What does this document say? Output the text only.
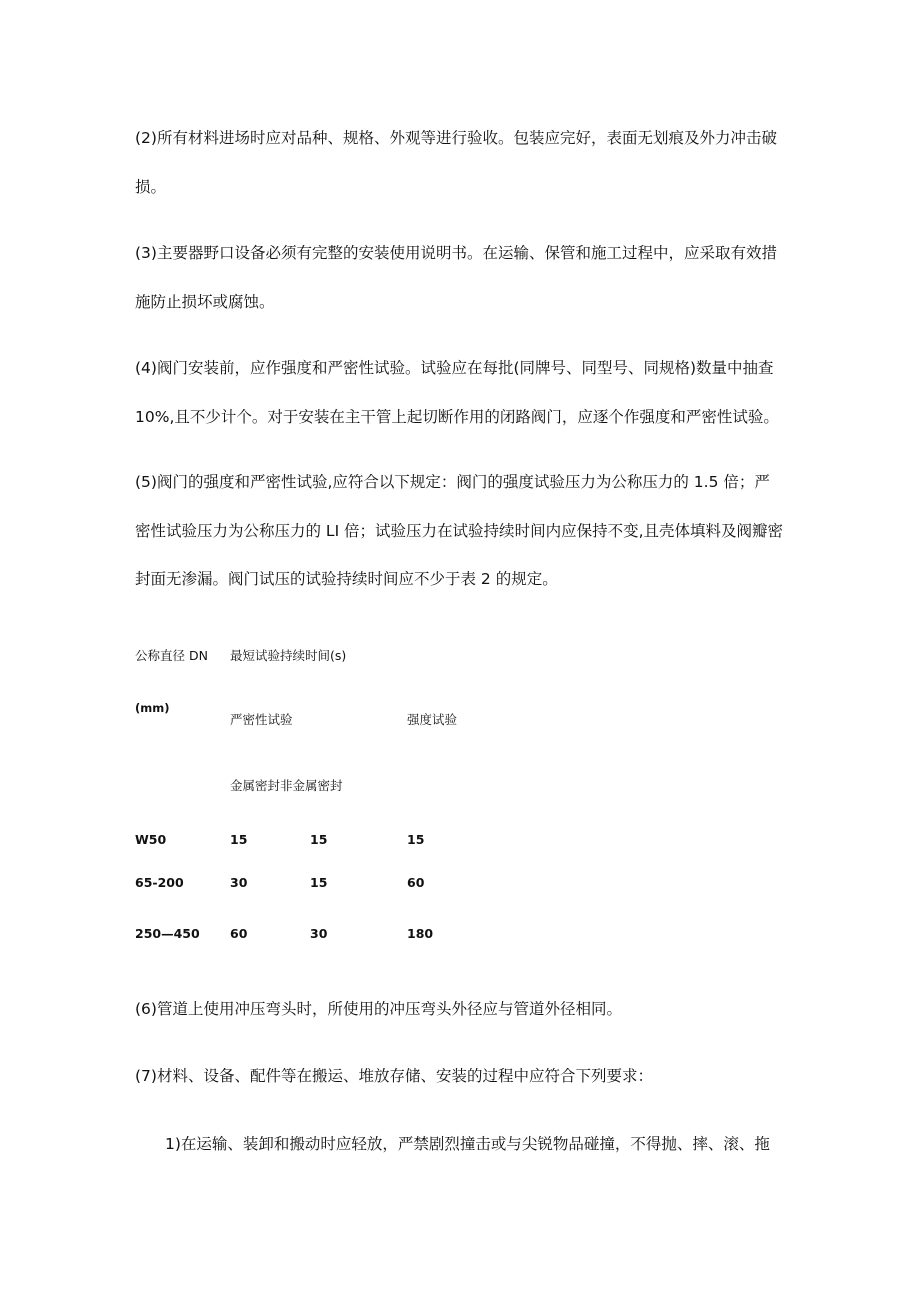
(2)所有材料进场时应对品种、规格、外观等进行验收。包装应完好，表面无划痕及外力冲击破
损。
(3)主要器野口设备必须有完整的安装使用说明书。在运输、保管和施工过程中，应采取有效措
施防止损坏或腐蚀。
(4)阀门安装前，应作强度和严密性试验。试验应在每批(同牌号、同型号、同规格)数量中抽查
10%,且不少计个。对于安装在主干管上起切断作用的闭路阀门，应逐个作强度和严密性试验。
(5)阀门的强度和严密性试验,应符合以下规定：阀门的强度试验压力为公称压力的 1.5 倍；严
密性试验压力为公称压力的 LI 倍；试验压力在试验持续时间内应保持不变,且壳体填料及阀瓣密
封面无渗漏。阀门试压的试验持续时间应不少于表 2 的规定。
公称直径 DN 最短试验持续时间(s)
(mm)
严密性试验	强度试验
金属密封非金属密封
W50	15	15	15
65-200	30	15	60
250—450 60	30	180
(6)管道上使用冲压弯头时，所使用的冲压弯头外径应与管道外径相同。
(7)材料、设备、配件等在搬运、堆放存储、安装的过程中应符合下列要求：
1)在运输、装卸和搬动时应轻放，严禁剧烈撞击或与尖锐物品碰撞，不得抛、摔、滚、拖
